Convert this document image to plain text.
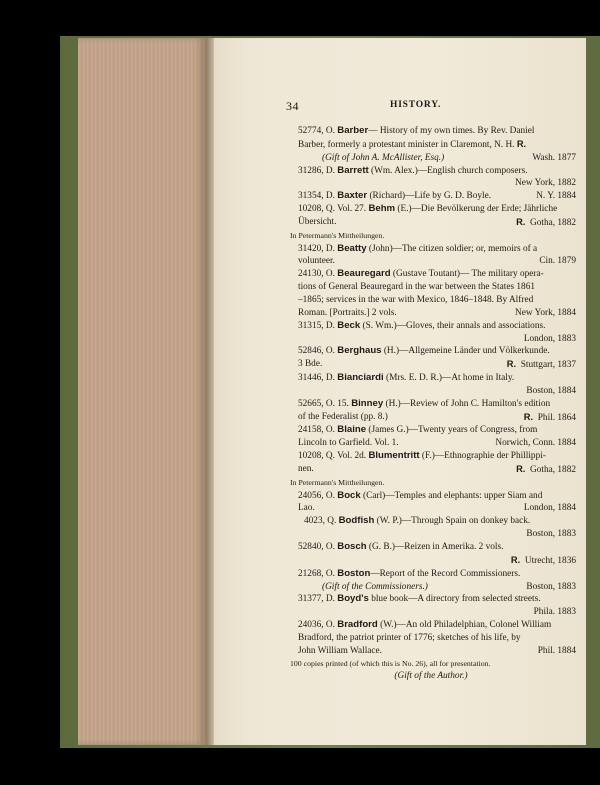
34	HISTORY.
52774, O. Barber— History of my own times. By Rev. Daniel
Barber, formerly a protestant minister in Claremont, N. H. R.
(Gift of John A. McAllister, Esq.)	Wash. 1877
31286, D. Barrett (Wm. Alex.)—English church composers.
New York, 1882
31354, D. Baxter (Richard)—Life by G. D. Boyle.	N. Y. 1884
10208, Q. Vol. 27. Behm (E.)—Die Bevölkerung der Erde; Jährliche
Übersicht.	R. Gotha, 1882
In Petermann's Mittheilungen.
31420, D. Beatty (John)—The citizen soldier; or, memoirs of a
volunteer.	Cin. 1879
24130, O. Beauregard (Gustave Toutant)— The military opera-
tions of General Beauregard in the war between the States 1861
–1865; services in the war with Mexico, 1846–1848. By Alfred
Roman. [Portraits.] 2 vols.	New York, 1884
31315, D. Beck (S. Wm.)—Gloves, their annals and associations.
London, 1883
52846, O. Berghaus (H.)—Allgemeine Länder und Völkerkunde.
3 Bde.	R. Stuttgart, 1837
31446, D. Bianciardi (Mrs. E. D. R.)—At home in Italy.
Boston, 1884
52665, O. 15. Binney (H.)—Review of John C. Hamilton's edition
of the Federalist (pp. 8.)	R. Phil. 1864
24158, O. Blaine (James G.)—Twenty years of Congress, from
Lincoln to Garfield. Vol. 1.	Norwich, Conn. 1884
10208, Q. Vol. 2d. Blumentritt (F.)—Ethnographie der Phillippi-
nen.	R. Gotha, 1882
In Petermann's Mittheilungen.
24056, O. Bock (Carl)—Temples and elephants: upper Siam and
Lao.	London, 1884
4023, Q. Bodfish (W. P.)—Through Spain on donkey back.
Boston, 1883
52840, O. Bosch (G. B.)—Reizen in Amerika. 2 vols.
R. Utrecht, 1836
21268, O. Boston—Report of the Record Commissioners.
(Gift of the Commissioners.)	Boston, 1883
31377, D. Boyd's blue book—A directory from selected streets.
Phila. 1883
24036, O. Bradford (W.)—An old Philadelphian, Colonel William
Bradford, the patriot printer of 1776; sketches of his life, by
John William Wallace.	Phil. 1884
100 copies printed (of which this is No. 26), all for presentation.
(Gift of the Author.)
